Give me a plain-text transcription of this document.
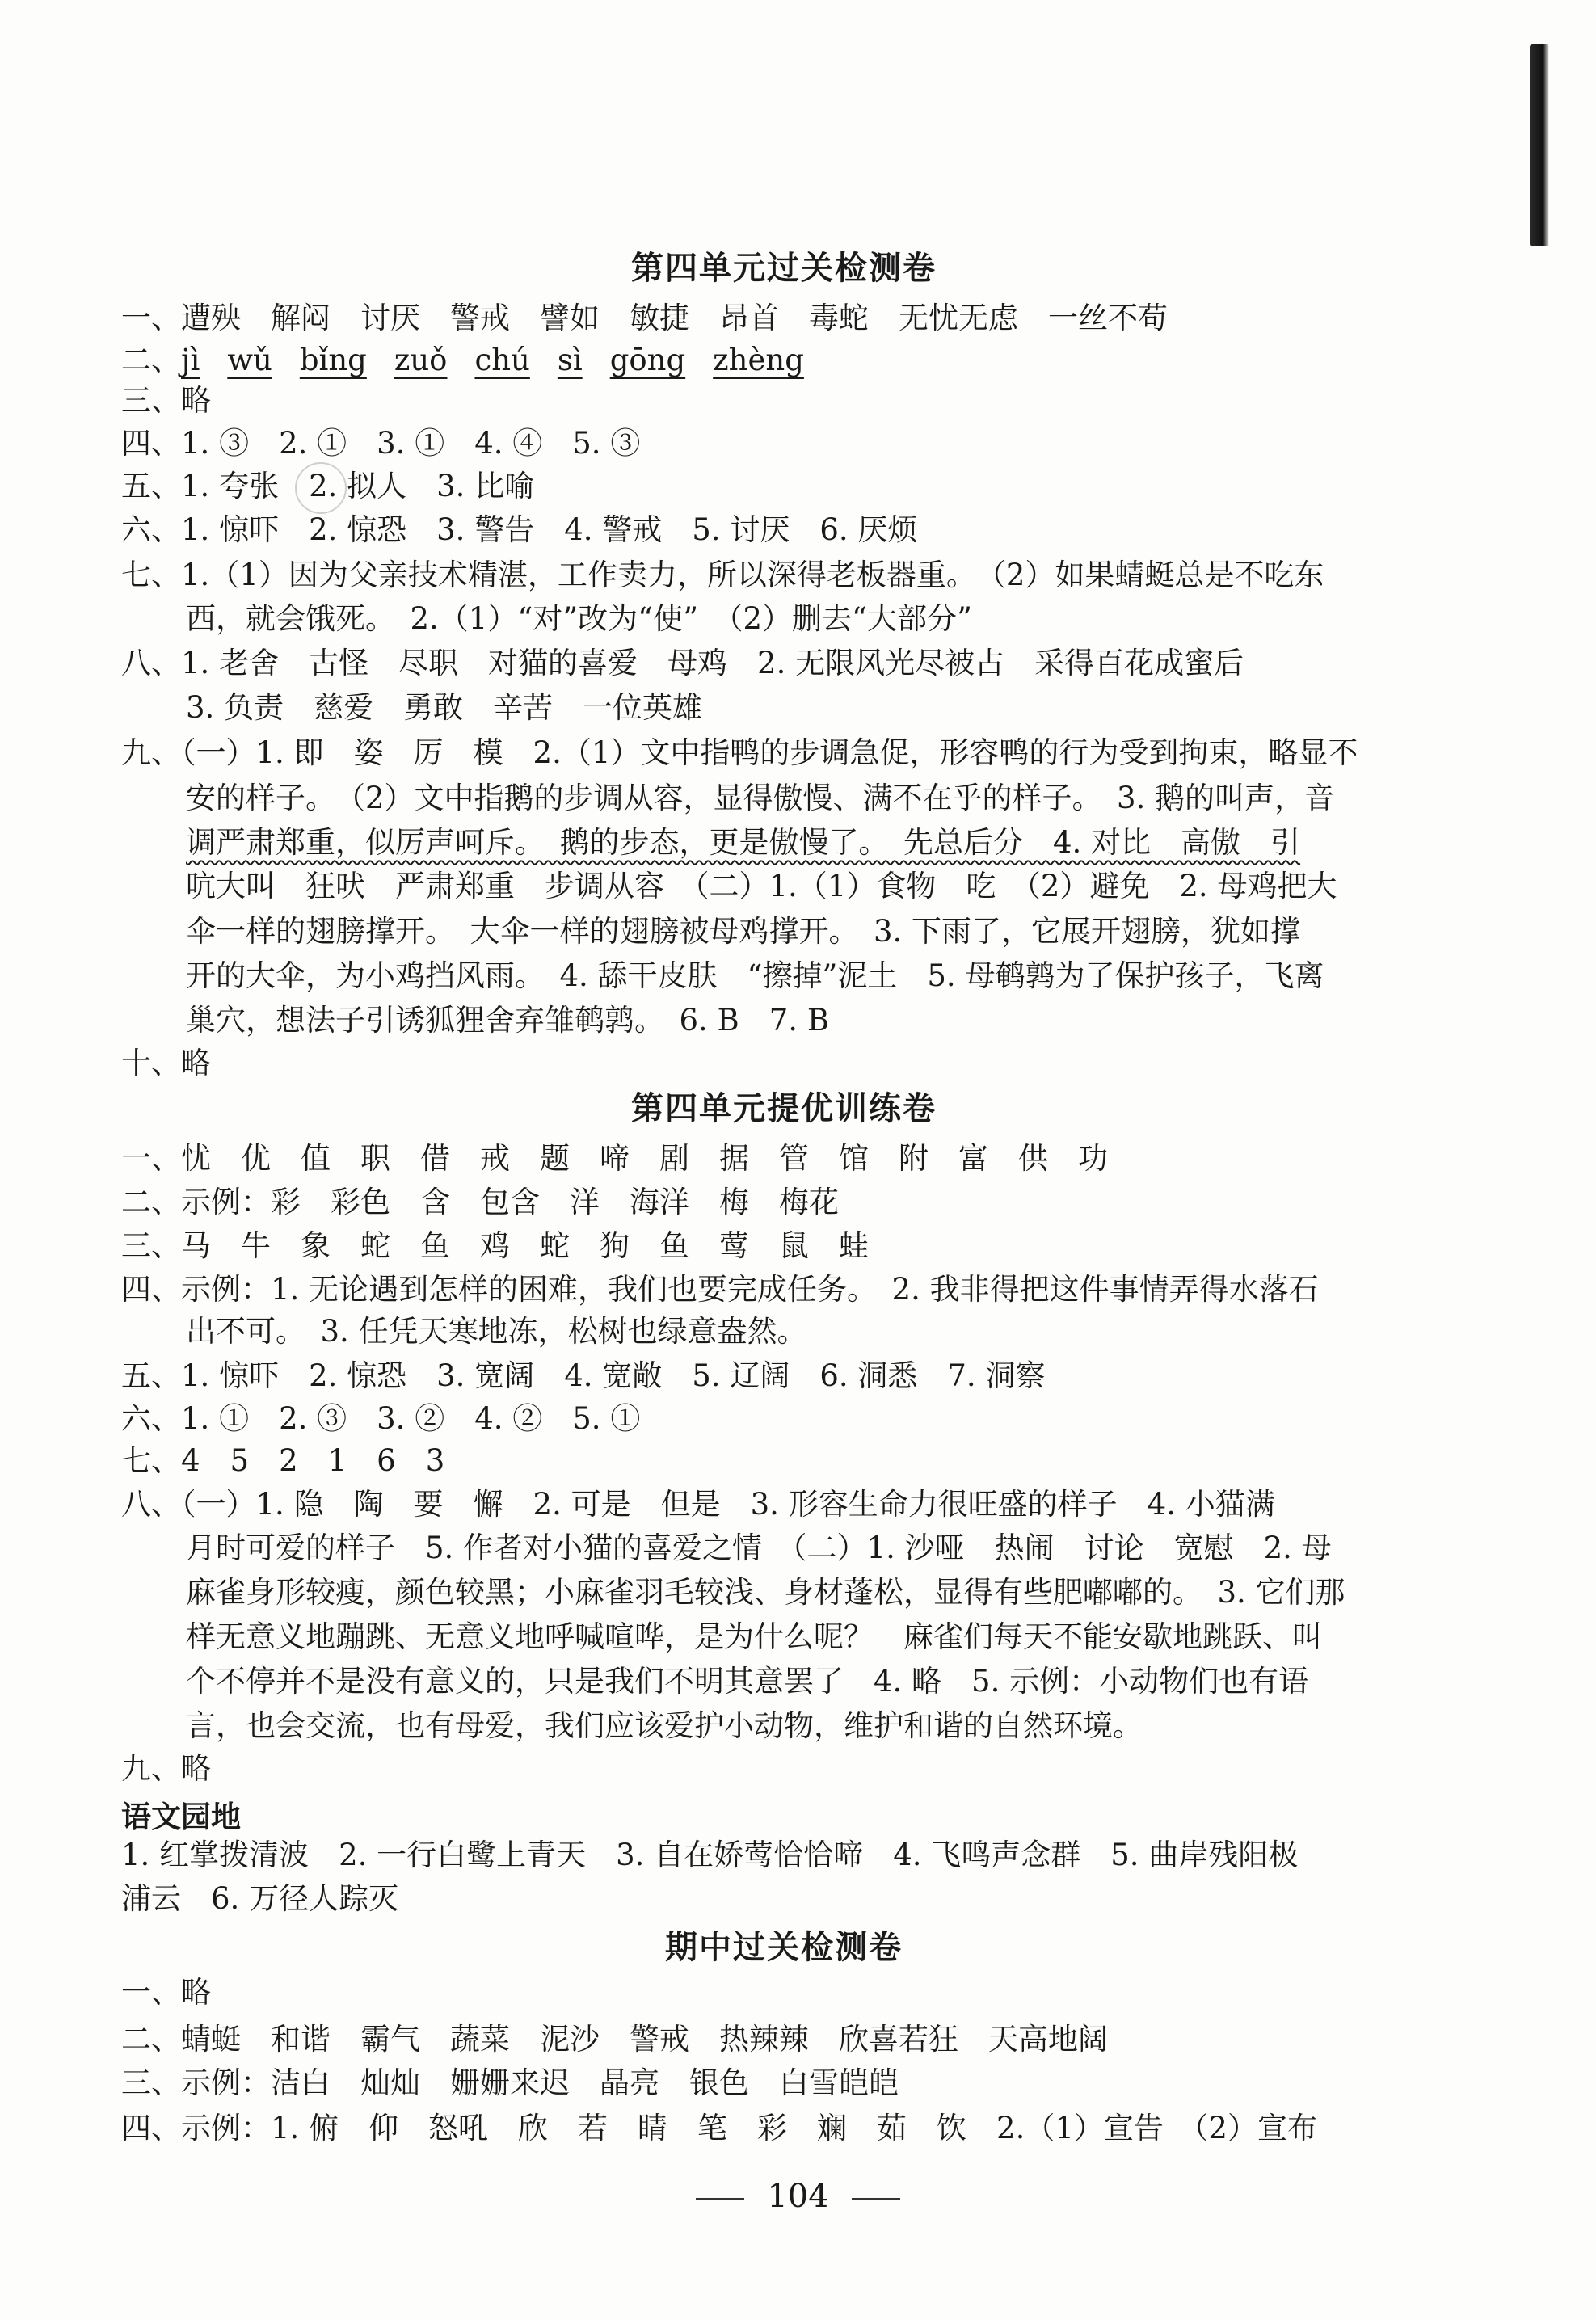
第四单元过关检测卷
一、遭殃　解闷　讨厌　警戒　譬如　敏捷　昂首　毒蛇　无忧无虑　一丝不苟
二、jì wǔ bǐng zuǒ chú sì gōng zhèng
三、略
四、1. ③　2. ①　3. ①　4. ④　5. ③
五、1. 夸张　2. 拟人　3. 比喻
六、1. 惊吓　2. 惊恐　3. 警告　4. 警戒　5. 讨厌　6. 厌烦
七、1.（1）因为父亲技术精湛，工作卖力，所以深得老板器重。　（2）如果蜻蜓总是不吃东
西，就会饿死。　2.（1）“对”改为“使”　（2）删去“大部分”
八、1. 老舍　古怪　尽职　对猫的喜爱　母鸡　2. 无限风光尽被占　采得百花成蜜后
3. 负责　慈爱　勇敢　辛苦　一位英雄
九、（一）1. 即　姿　厉　模　2.（1）文中指鸭的步调急促，形容鸭的行为受到拘束，略显不
安的样子。　（2）文中指鹅的步调从容，显得傲慢、满不在乎的样子。　3. 鹅的叫声，音
调严肃郑重，似厉声呵斥。　鹅的步态，更是傲慢了。　先总后分　4. 对比　高傲　引
吭大叫　狂吠　严肃郑重　步调从容　（二）1.（1）食物　吃　（2）避免　2. 母鸡把大
伞一样的翅膀撑开。　大伞一样的翅膀被母鸡撑开。　3. 下雨了，它展开翅膀，犹如撑
开的大伞，为小鸡挡风雨。　4. 舔干皮肤　“擦掉”泥土　5. 母鹌鹑为了保护孩子，飞离
巢穴，想法子引诱狐狸舍弃雏鹌鹑。　6. B　7. B
十、略
第四单元提优训练卷
一、忧　优　值　职　借　戒　题　啼　剧　据　管　馆　附　富　供　功
二、示例：彩　彩色　含　包含　洋　海洋　梅　梅花
三、马　牛　象　蛇　鱼　鸡　蛇　狗　鱼　莺　鼠　蛙
四、示例：1. 无论遇到怎样的困难，我们也要完成任务。　2. 我非得把这件事情弄得水落石
出不可。　3. 任凭天寒地冻，松树也绿意盎然。
五、1. 惊吓　2. 惊恐　3. 宽阔　4. 宽敞　5. 辽阔　6. 洞悉　7. 洞察
六、1. ①　2. ③　3. ②　4. ②　5. ①
七、4　5　2　1　6　3
八、（一）1. 隐　陶　要　懈　2. 可是　但是　3. 形容生命力很旺盛的样子　4. 小猫满
月时可爱的样子　5. 作者对小猫的喜爱之情　（二）1. 沙哑　热闹　讨论　宽慰　2. 母
麻雀身形较瘦，颜色较黑；小麻雀羽毛较浅、身材蓬松，显得有些肥嘟嘟的。　3. 它们那
样无意义地蹦跳、无意义地呼喊喧哗，是为什么呢？　麻雀们每天不能安歇地跳跃、叫
个不停并不是没有意义的，只是我们不明其意罢了　4. 略　5. 示例：小动物们也有语
言，也会交流，也有母爱，我们应该爱护小动物，维护和谐的自然环境。
九、略
语文园地
1. 红掌拨清波　2. 一行白鹭上青天　3. 自在娇莺恰恰啼　4. 飞鸣声念群　5. 曲岸残阳极
浦云　6. 万径人踪灭
期中过关检测卷
一、略
二、蜻蜓　和谐　霸气　蔬菜　泥沙　警戒　热辣辣　欣喜若狂　天高地阔
三、示例：洁白　灿灿　姗姗来迟　晶亮　银色　白雪皑皑
四、示例：1. 俯　仰　怒吼　欣　若　睛　笔　彩　斓　茹　饮　2.（1）宣告　（2）宣布
104
